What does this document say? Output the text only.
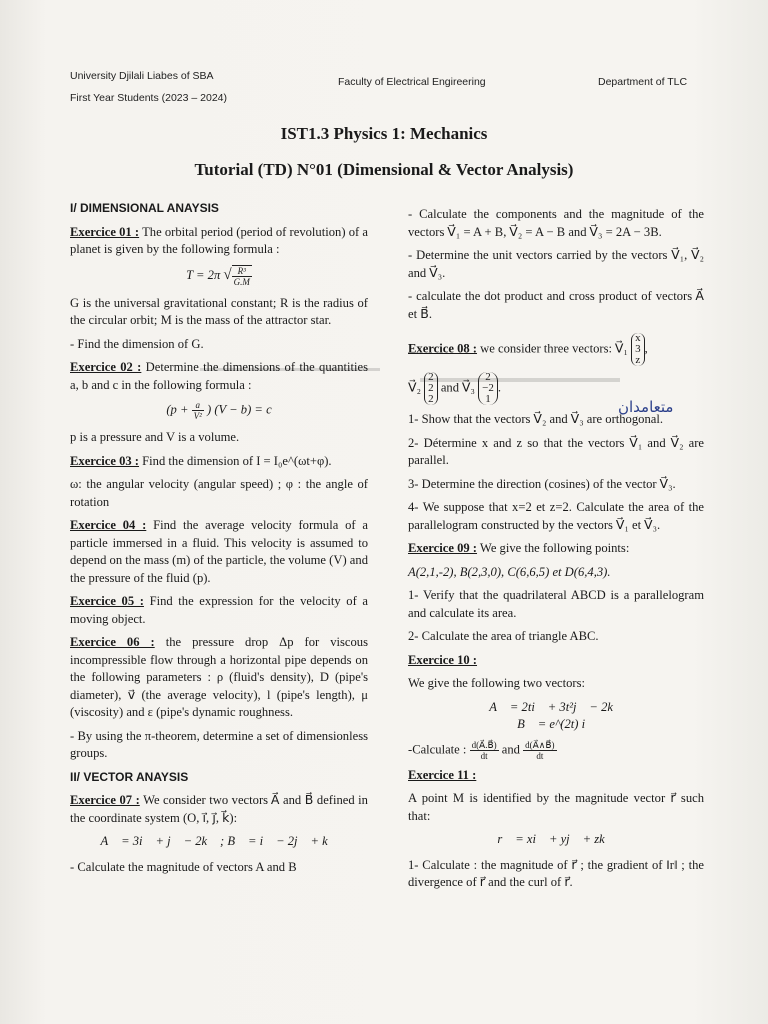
University Djilali Liabes of SBA
First Year Students (2023 – 2024)
Faculty of Electrical Engireering	Department of TLC
IST1.3 Physics 1: Mechanics
Tutorial (TD) N°01 (Dimensional & Vector Analysis)
I/ DIMENSIONAL ANAYSIS

Exercice 01 : The orbital period (period of revolution) of a planet is given by the following formula :

T = 2π √ $\frac{\text{R³}}{G.M}$

G is the universal gravitational constant; R is the radius of the circular orbit; M is the mass of the attractor star.

- Find the dimension of G.

Exercice 02 : Determine the dimensions of the quantities a, b and c in the following formula :

($p + \frac{a}{\text{V²}}$ ) (V − b) = c

p is a pressure and V is a volume.

Exercice 03 : Find the dimension of I = I₀e^(ωt+φ).

ω: the angular velocity (angular speed) ; φ : the angle of rotation

Exercice 04 : Find the average velocity formula of a particle immersed in a fluid. This velocity is assumed to depend on the mass (m) of the particle, the volume (V) and the pressure of the fluid (p).

Exercice 05 : Find the expression for the velocity of a moving object.

Exercice 06 : the pressure drop Δp for viscous incompressible flow through a horizontal pipe depends on the following parameters : ρ (fluid's density), D (pipe's diameter), v⃗ (the average velocity), l (pipe's length), μ (viscosity) and ε (pipe's dynamic roughness.

- By using the π-theorem, determine a set of dimensionless groups.

II/ VECTOR ANAYSIS

Exercice 07 : We consider two vectors A⃗ and B⃗ defined in the coordinate system (O, i⃗, j⃗, k⃗):

A⃗ = 3i⃗ + j⃗ − 2k⃗ ; B⃗ = i⃗ − 2j⃗ + k⃗

- Calculate the magnitude of vectors A and B

- Calculate the components and the magnitude of the vectors V⃗₁ = A + B, V⃗₂ = A − B and V⃗₃ = 2A − 3B.

- Determine the unit vectors carried by the vectors V⃗₁, V⃗₂ and V⃗₃.

- calculate the dot product and cross product of vectors A⃗ et B⃗.

Exercice 08 : we consider three vectors: V⃗₁ x
3
z,

V⃗₂ 2
2
2 and V⃗₃ 2
−2
1.

1- Show that the vectors V⃗₂ and V⃗₃ are orthogonal.

2- Détermine x and z so that the vectors V⃗₁ and V⃗₂ are parallel.

3- Determine the direction (cosines) of the vector V⃗₃.

4- We suppose that x=2 et z=2. Calculate the area of the parallelogram constructed by the vectors V⃗₁ et V⃗₃.

Exercice 09 : We give the following points:

A(2,1,-2), B(2,3,0), C(6,6,5) et D(6,4,3).

1- Verify that the quadrilateral ABCD is a parallelogram and calculate its area.

2- Calculate the area of triangle ABC.

Exercice 10 :

We give the following two vectors:

A⃗ = 2ti⃗ + 3t²j⃗ − 2k⃗
B⃗ = e^(2t) i⃗

-Calculate : $\frac{d(A⃗.B⃗)}{dt}$ and $\frac{d(A⃗\wedge B⃗)}{dt}$

Exercice 11 :

A point M is identified by the magnitude vector r⃗ such that:

r⃗ = xi⃗ + yj⃗ + zk⃗

1- Calculate : the magnitude of r⃗ ; the gradient of ‖r‖ ; the divergence of r⃗ and the curl of r⃗.

متعامدان
